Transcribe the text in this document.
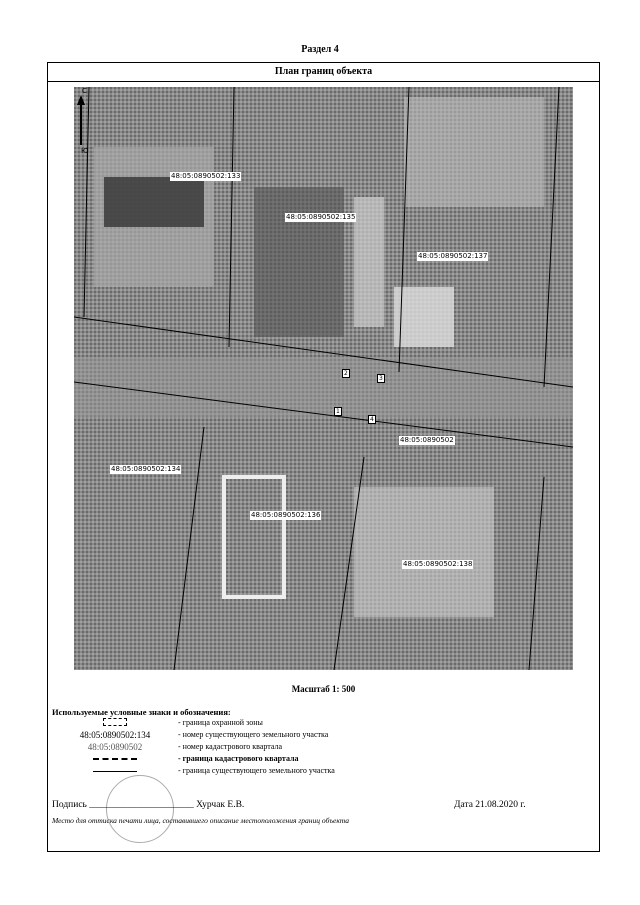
Раздел 4
План границ объекта
С
Ю
48:05:0890502:133
48:05:0890502:135
48:05:0890502:137
48:05:0890502
48:05:0890502:134
48:05:0890502:136
48:05:0890502:138
2
3
1
4
Масштаб 1: 500
Используемые условные знаки и обозначения:
- граница охранной зоны
48:05:0890502:134	- номер существующего земельного участка
48:05:0890502	- номер кадастрового квартала
- граница кадастрового квартала
- граница существующего земельного участка
Подпись ______________________ Хурчак Е.В.	Дата 21.08.2020 г.
Место для оттиска печати лица, составившего описание местоположения границ объекта
